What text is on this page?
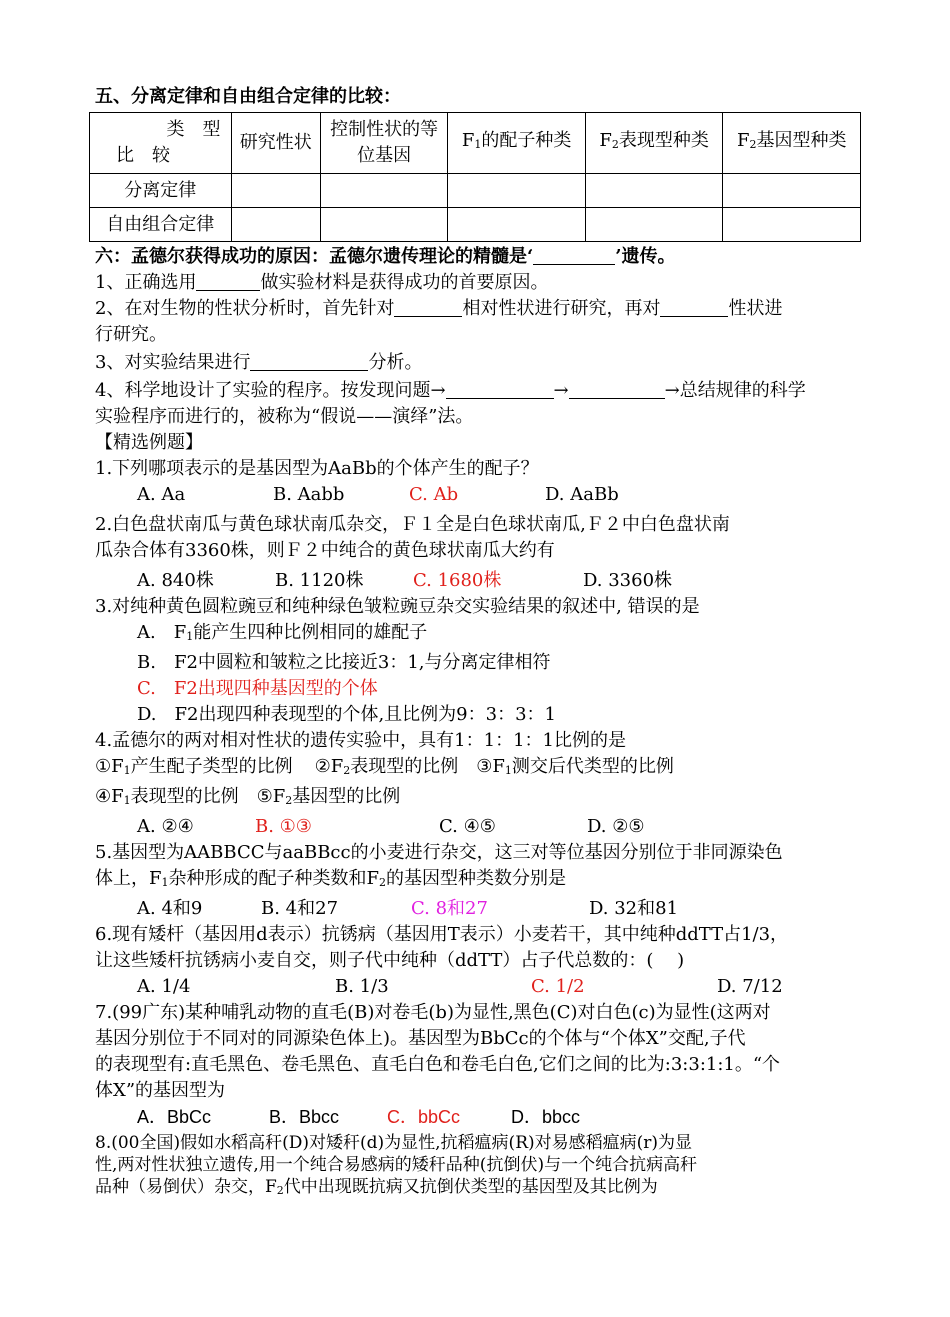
五、分离定律和自由组合定律的比较：
类　型
比　较	研究性状	控制性状的等位基因	$F_1$的配子种类	$F_2$表现型种类	$F_2$基因型种类
分离定律					
自由组合定律					
六：孟德尔获得成功的原因：孟德尔遗传理论的精髓是‘	’遗传。
1、正确选用	做实验材料是获得成功的首要原因。
2、在对生物的性状分析时，首先针对	相对性状进行研究，再对	性状进
行研究。
3、对实验结果进行	分析。
4、科学地设计了实验的程序。按发现问题→	→	→总结规律的科学
实验程序而进行的，被称为“假说——演绎”法。
【精选例题】
1.下列哪项表示的是基因型为AaBb的个体产生的配子？
A. Aa	B. Aabb	C. Ab	D. AaBb
2.白色盘状南瓜与黄色球状南瓜杂交，Ｆ１全是白色球状南瓜,Ｆ２中白色盘状南
瓜杂合体有3360株，则Ｆ２中纯合的黄色球状南瓜大约有
A. 840株	B. 1120株	C. 1680株	D. 3360株
3.对纯种黄色圆粒豌豆和纯种绿色皱粒豌豆杂交实验结果的叙述中, 错误的是
A.　$F_1$能产生四种比例相同的雄配子
B.　F2中圆粒和皱粒之比接近3：1,与分离定律相符
C.　F2出现四种基因型的个体
D.　F2出现四种表现型的个体,且比例为9：3：3：1
4.孟德尔的两对相对性状的遗传实验中，具有1：1：1：1比例的是
$①F_1$产生配子类型的比例 $②F_2$表现型的比例 $③F_1$测交后代类型的比例
$④F_1$表现型的比例 $⑤F_2$基因型的比例
A. ②④	B. ①③	C. ④⑤	D. ②⑤
5.基因型为AABBCC与aaBBcc的小麦进行杂交，这三对等位基因分别位于非同源染色
体上，$F_1$杂种形成的配子种类数和$F_2$的基因型种类数分别是
A. 4和9	B. 4和27	C. 8和27	D. 32和81
6.现有矮杆（基因用d表示）抗锈病（基因用T表示）小麦若干，其中纯种ddTT占1/3，
让这些矮杆抗锈病小麦自交，则子代中纯种（ddTT）占子代总数的：(　 )
A. 1/4	B. 1/3	C. 1/2	D. 7/12
7.(99广东)某种哺乳动物的直毛(B)对卷毛(b)为显性,黑色(C)对白色(c)为显性(这两对
基因分别位于不同对的同源染色体上)。基因型为BbCc的个体与“个体X”交配,子代
的表现型有:直毛黑色、卷毛黑色、直毛白色和卷毛白色,它们之间的比为:3:3:1:1。“个
体X”的基因型为
A．BbCc	B．Bbcc	C．bbCc	D．bbcc
8.(00全国)假如水稻高秆(D)对矮秆(d)为显性,抗稻瘟病(R)对易感稻瘟病(r)为显
性,两对性状独立遗传,用一个纯合易感病的矮秆品种(抗倒伏)与一个纯合抗病高秆
品种（易倒伏）杂交，$F_2$代中出现既抗病又抗倒伏类型的基因型及其比例为
